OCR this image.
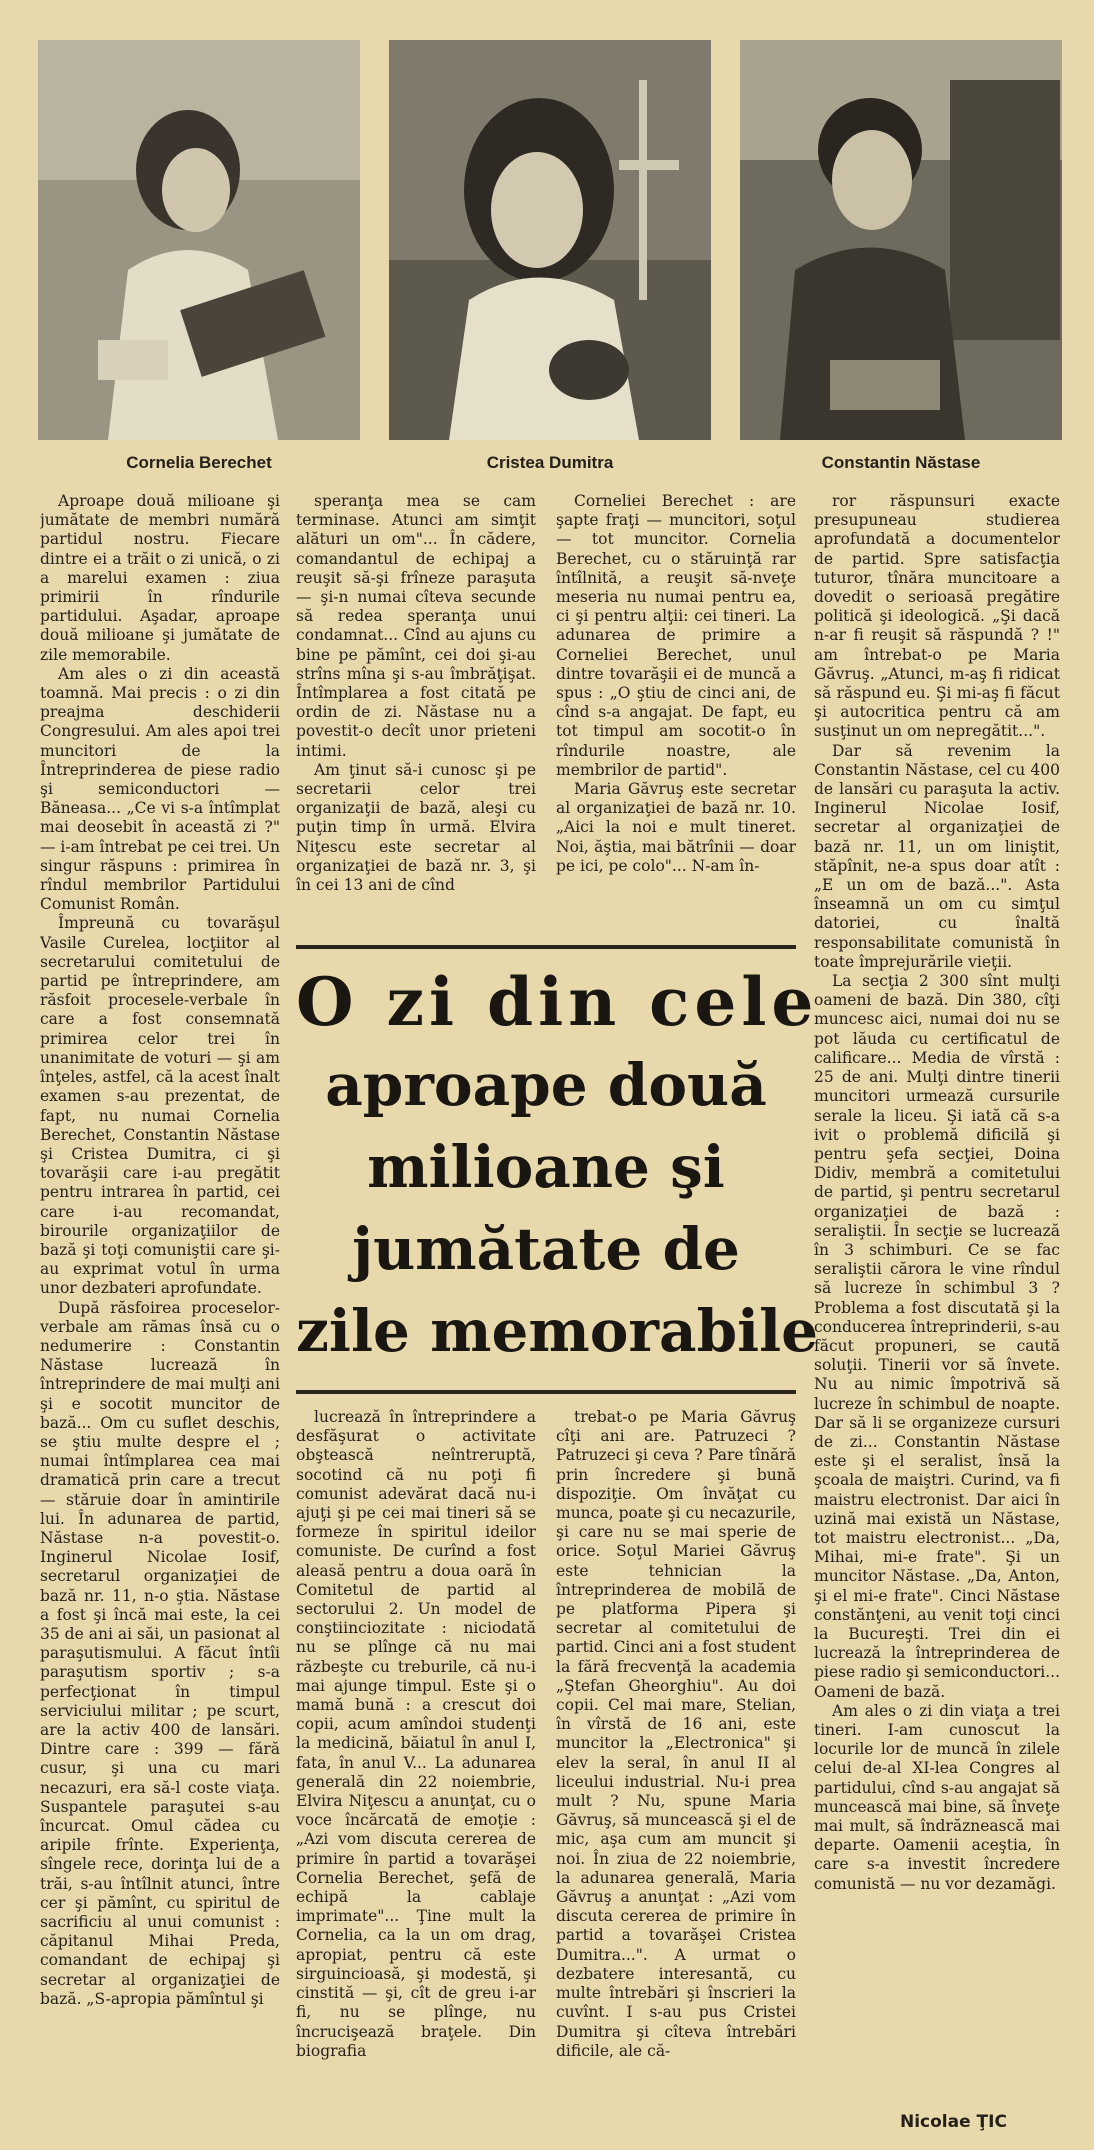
Cornelia Berechet	Cristea Dumitra	Constantin Năstase

Aproape două milioane şi jumătate de membri numără partidul nostru. Fiecare dintre ei a trăit o zi unică, o zi a marelui examen : ziua primirii în rîndurile partidului. Aşadar, aproape două milioane şi jumătate de zile memorabile.

Am ales o zi din această toamnă. Mai precis : o zi din preajma deschiderii Congresului. Am ales apoi trei muncitori de la Întreprinderea de piese radio şi semiconductori — Băneasa... „Ce vi s-a întîmplat mai deosebit în această zi ?" — i-am întrebat pe cei trei. Un singur răspuns : primirea în rîndul membrilor Partidului Comunist Român.

Împreună cu tovarăşul Vasile Curelea, locţiitor al secretarului comitetului de partid pe întreprindere, am răsfoit procesele-verbale în care a fost consemnată primirea celor trei în unanimitate de voturi — şi am înţeles, astfel, că la acest înalt examen s-au prezentat, de fapt, nu numai Cornelia Berechet, Constantin Năstase şi Cristea Dumitra, ci şi tovarăşii care i-au pregătit pentru intrarea în partid, cei care i-au recomandat, birourile organizaţiilor de bază şi toţi comuniştii care şi-au exprimat votul în urma unor dezbateri aprofundate.

După răsfoirea proceselor-verbale am rămas însă cu o nedumerire : Constantin Năstase lucrează în întreprindere de mai mulţi ani şi e socotit muncitor de bază... Om cu suflet deschis, se ştiu multe despre el ; numai întîmplarea cea mai dramatică prin care a trecut — stăruie doar în amintirile lui. În adunarea de partid, Năstase n-a povestit-o. Inginerul Nicolae Iosif, secretarul organizaţiei de bază nr. 11, n-o ştia. Năstase a fost şi încă mai este, la cei 35 de ani ai săi, un pasionat al paraşutismului. A făcut întîi paraşutism sportiv ; s-a perfecţionat în timpul serviciului militar ; pe scurt, are la activ 400 de lansări. Dintre care : 399 — fără cusur, şi una cu mari necazuri, era să-l coste viaţa. Suspantele paraşutei s-au încurcat. Omul cădea cu aripile frînte. Experienţa, sîngele rece, dorinţa lui de a trăi, s-au întîlnit atunci, între cer şi pămînt, cu spiritul de sacrificiu al unui comunist : căpitanul Mihai Preda, comandant de echipaj şi secretar al organizaţiei de bază. „S-apropia pămîntul şi

speranţa mea se cam terminase. Atunci am simţit alături un om"... În cădere, comandantul de echipaj a reuşit să-şi frîneze paraşuta — şi-n numai cîteva secunde să redea speranţa unui condamnat... Cînd au ajuns cu bine pe pămînt, cei doi şi-au strîns mîna şi s-au îmbrăţişat. Întîmplarea a fost citată pe ordin de zi. Năstase nu a povestit-o decît unor prieteni intimi.

Am ţinut să-i cunosc şi pe secretarii celor trei organizaţii de bază, aleşi cu puţin timp în urmă. Elvira Niţescu este secretar al organizaţiei de bază nr. 3, şi în cei 13 ani de cînd

Corneliei Berechet : are şapte fraţi — muncitori, soţul — tot muncitor. Cornelia Berechet, cu o stăruinţă rar întîlnită, a reuşit să-nveţe meseria nu numai pentru ea, ci şi pentru alţii: cei tineri. La adunarea de primire a Corneliei Berechet, unul dintre tovarăşii ei de muncă a spus : „O ştiu de cinci ani, de cînd s-a angajat. De fapt, eu tot timpul am socotit-o în rîndurile noastre, ale membrilor de partid".

Maria Găvruş este secretar al organizaţiei de bază nr. 10. „Aici la noi e mult tineret. Noi, ăştia, mai bătrînii — doar pe ici, pe colo"... N-am în-

ror răspunsuri exacte presupuneau studierea aprofundată a documentelor de partid. Spre satisfacţia tuturor, tînăra muncitoare a dovedit o serioasă pregătire politică şi ideologică. „Şi dacă n-ar fi reuşit să răspundă ? !" am întrebat-o pe Maria Găvruş. „Atunci, m-aş fi ridicat să răspund eu. Şi mi-aş fi făcut şi autocritica pentru că am susţinut un om nepregătit...".

Dar să revenim la Constantin Năstase, cel cu 400 de lansări cu paraşuta la activ. Inginerul Nicolae Iosif, secretar al organizaţiei de bază nr. 11, un om liniştit, stăpînit, ne-a spus doar atît : „E un om de bază...". Asta înseamnă un om cu simţul datoriei, cu înaltă responsabilitate comunistă în toate împrejurările vieţii.

La secţia 2 300 sînt mulţi oameni de bază. Din 380, cîţi muncesc aici, numai doi nu se pot lăuda cu certificatul de calificare... Media de vîrstă : 25 de ani. Mulţi dintre tinerii muncitori urmează cursurile serale la liceu. Şi iată că s-a ivit o problemă dificilă şi pentru şefa secţiei, Doina Didiv, membră a comitetului de partid, şi pentru secretarul organizaţiei de bază : seraliştii. În secţie se lucrează în 3 schimburi. Ce se fac seraliştii cărora le vine rîndul să lucreze în schimbul 3 ? Problema a fost discutată şi la conducerea întreprinderii, s-au făcut propuneri, se caută soluţii. Tinerii vor să învete. Nu au nimic împotrivă să lucreze în schimbul de noapte. Dar să li se organizeze cursuri de zi... Constantin Năstase este şi el seralist, însă la şcoala de maiştri. Curind, va fi maistru electronist. Dar aici în uzină mai există un Năstase, tot maistru electronist... „Da, Mihai, mi-e frate". Şi un muncitor Năstase. „Da, Anton, şi el mi-e frate". Cinci Năstase constănţeni, au venit toţi cinci la Bucureşti. Trei din ei lucrează la întreprinderea de piese radio şi semiconductori... Oameni de bază.

Am ales o zi din viaţa a trei tineri. I-am cunoscut la locurile lor de muncă în zilele celui de-al XI-lea Congres al partidului, cînd s-au angajat să muncească mai bine, să înveţe mai mult, să îndrăznească mai departe. Oamenii aceştia, în care s-a investit încredere comunistă — nu vor dezamăgi.

O zi din cele
aproape două
milioane şi
jumătate de
zile memorabile

lucrează în întreprindere a desfăşurat o activitate obştească neîntreruptă, socotind că nu poţi fi comunist adevărat dacă nu-i ajuţi şi pe cei mai tineri să se formeze în spiritul ideilor comuniste. De curînd a fost aleasă pentru a doua oară în Comitetul de partid al sectorului 2. Un model de conştiinciozitate : niciodată nu se plînge că nu mai răzbeşte cu treburile, că nu-i mai ajunge timpul. Este şi o mamă bună : a crescut doi copii, acum amîndoi studenţi la medicină, băiatul în anul I, fata, în anul V... La adunarea generală din 22 noiembrie, Elvira Niţescu a anunţat, cu o voce încărcată de emoţie : „Azi vom discuta cererea de primire în partid a tovarăşei Cornelia Berechet, şefă de echipă la cablaje imprimate"... Ţine mult la Cornelia, ca la un om drag, apropiat, pentru că este sirguincioasă, şi modestă, şi cinstită — şi, cît de greu i-ar fi, nu se plînge, nu încrucişează braţele. Din biografia

trebat-o pe Maria Găvruş cîţi ani are. Patruzeci ? Patruzeci şi ceva ? Pare tînără prin încredere şi bună dispoziţie. Om învăţat cu munca, poate şi cu necazurile, şi care nu se mai sperie de orice. Soţul Mariei Găvruş este tehnician la întreprinderea de mobilă de pe platforma Pipera şi secretar al comitetului de partid. Cinci ani a fost student la fără frecvenţă la academia „Ştefan Gheorghiu". Au doi copii. Cel mai mare, Stelian, în vîrstă de 16 ani, este muncitor la „Electronica" şi elev la seral, în anul II al liceului industrial. Nu-i prea mult ? Nu, spune Maria Găvruş, să muncească şi el de mic, aşa cum am muncit şi noi. În ziua de 22 noiembrie, la adunarea generală, Maria Găvruş a anunţat : „Azi vom discuta cererea de primire în partid a tovarăşei Cristea Dumitra...". A urmat o dezbatere interesantă, cu multe întrebări şi înscrieri la cuvînt. I s-au pus Cristei Dumitra şi cîteva întrebări dificile, ale că-

Nicolae ŢIC
